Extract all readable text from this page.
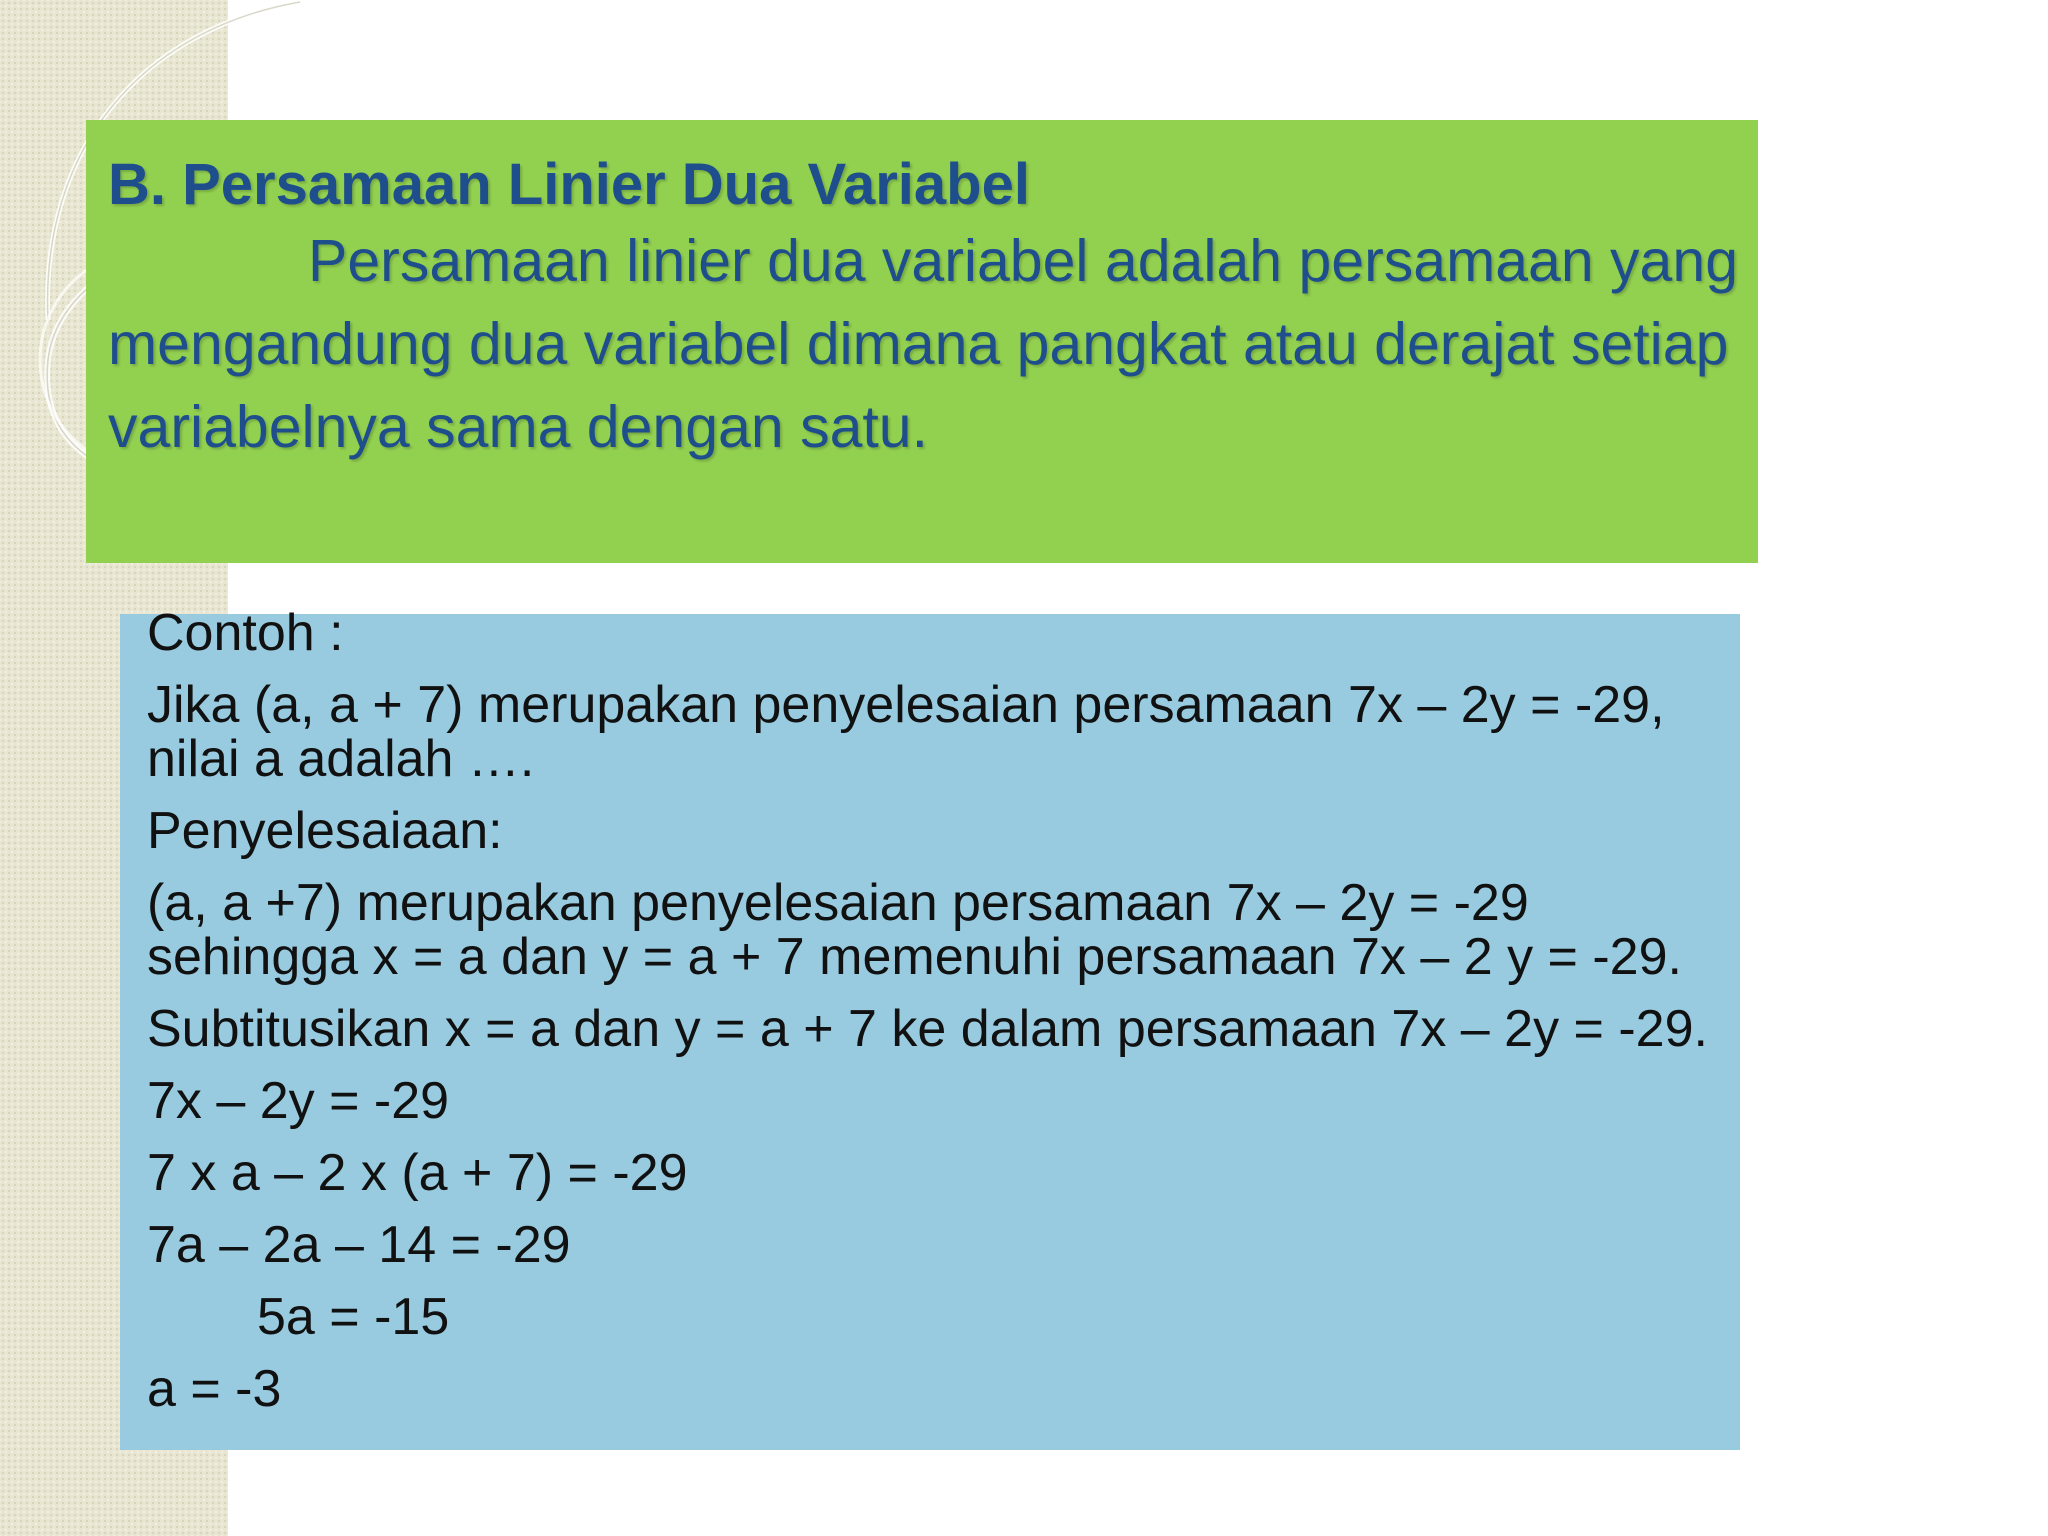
B. Persamaan Linier Dua Variabel

Persamaan linier dua variabel adalah persamaan yang mengandung dua variabel dimana pangkat atau derajat setiap variabelnya sama dengan satu.

Contoh :

Jika (a, a + 7) merupakan penyelesaian persamaan 7x – 2y = -29, nilai a adalah ….

Penyelesaiaan:

(a, a +7) merupakan penyelesaian persamaan 7x – 2y = -29 sehingga x = a dan y = a + 7 memenuhi persamaan 7x – 2 y = -29.

Subtitusikan x = a dan y = a + 7 ke dalam persamaan 7x – 2y = -29.

7x – 2y = -29

7 x a – 2 x (a + 7) = -29

7a – 2a – 14 = -29

5a = -15

a = -3
